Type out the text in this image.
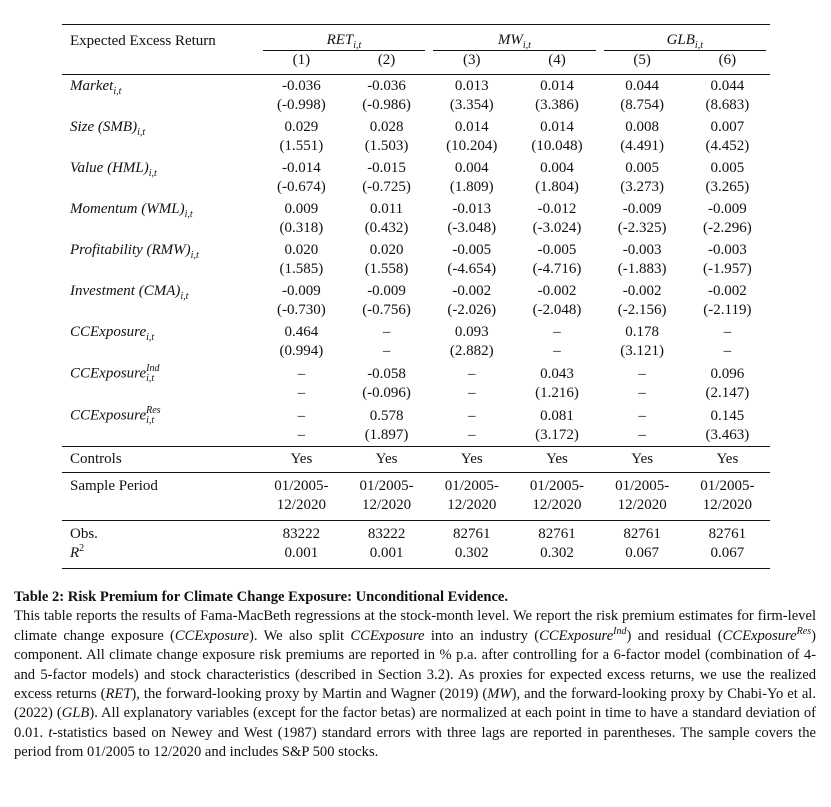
Expected Excess Return	$RET_{i,t}$		$MW_{i,t}$		$GLB_{i,t}$

	(1)	(2)	(3)	(4)	(5)	(6)
Market$_{i,t}$	-0.036	-0.036	0.013	0.014	0.044	0.044
	(-0.998)	(-0.986)	(3.354)	(3.386)	(8.754)	(8.683)
Size $(SMB)_{i,t}$	0.029	0.028	0.014	0.014	0.008	0.007
	(1.551)	(1.503)	(10.204)	(10.048)	(4.491)	(4.452)
Value $(HML)_{i,t}$	-0.014	-0.015	0.004	0.004	0.005	0.005
	(-0.674)	(-0.725)	(1.809)	(1.804)	(3.273)	(3.265)
Momentum $(WML)_{i,t}$	0.009	0.011	-0.013	-0.012	-0.009	-0.009
	(0.318)	(0.432)	(-3.048)	(-3.024)	(-2.325)	(-2.296)
Profitability $(RMW)_{i,t}$	0.020	0.020	-0.005	-0.005	-0.003	-0.003
	(1.585)	(1.558)	(-4.654)	(-4.716)	(-1.883)	(-1.957)
Investment $(CMA)_{i,t}$	-0.009	-0.009	-0.002	-0.002	-0.002	-0.002
	(-0.730)	(-0.756)	(-2.026)	(-2.048)	(-2.156)	(-2.119)
CCExposure$_{i,t}$	0.464	–	0.093	–	0.178	–
	(0.994)	–	(2.882)	–	(3.121)	–
CCExposure Ind
i,t	–	-0.058	–	0.043	–	0.096
	–	(-0.096)	–	(1.216)	–	(2.147)
CCExposure Res
i,t	–	0.578	–	0.081	–	0.145
	–	(1.897)	–	(3.172)	–	(3.463)
Controls	Yes	Yes	Yes	Yes	Yes	Yes
Sample Period	01/2005-	01/2005-	01/2005-	01/2005-	01/2005-	01/2005-
	12/2020	12/2020	12/2020	12/2020	12/2020	12/2020
Obs.	83222	83222	82761	82761	82761	82761
$R^2$	0.001	0.001	0.302	0.302	0.067	0.067
Table 2: Risk Premium for Climate Change Exposure: Unconditional Evidence.
This table reports the results of Fama-MacBeth regressions at the stock-month level. We report the risk premium estimates for firm-level climate change exposure (CCExposure). We also split CCExposure into an industry (CCExposure$^{Ind}$) and residual (CCExposure$^{Res}$) component. All climate change exposure risk premiums are reported in % p.a. after controlling for a 6-factor model (combination of 4- and 5-factor models) and stock characteristics (described in Section 3.2). As proxies for expected excess returns, we use the realized excess returns (RET), the forward-looking proxy by Martin and Wagner (2019) (MW), and the forward-looking proxy by Chabi-Yo et al. (2022) (GLB). All explanatory variables (except for the factor betas) are normalized at each point in time to have a standard deviation of 0.01. t-statistics based on Newey and West (1987) standard errors with three lags are reported in parentheses. The sample covers the period from 01/2005 to 12/2020 and includes S&P 500 stocks.
